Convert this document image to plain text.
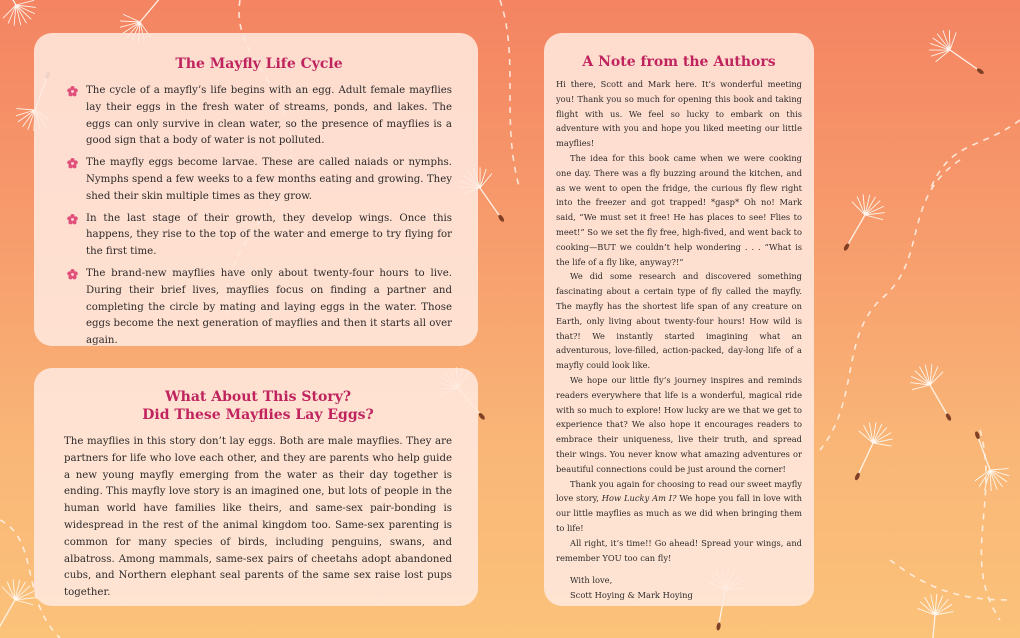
The Mayfly Life Cycle
The cycle of a mayfly’s life begins with an egg. Adult female mayflies lay their eggs in the fresh water of streams, ponds, and lakes. The eggs can only survive in clean water, so the presence of mayflies is a good sign that a body of water is not polluted.
The mayfly eggs become larvae. These are called naiads or nymphs. Nymphs spend a few weeks to a few months eating and growing. They shed their skin multiple times as they grow.
In the last stage of their growth, they develop wings. Once this happens, they rise to the top of the water and emerge to try flying for the first time.
The brand-new mayflies have only about twenty-four hours to live. During their brief lives, mayflies focus on finding a partner and completing the circle by mating and laying eggs in the water. Those eggs become the next generation of mayflies and then it starts all over again.
What About This Story?
Did These Mayflies Lay Eggs?

The mayflies in this story don’t lay eggs. Both are male mayflies. They are partners for life who love each other, and they are parents who help guide a new young mayfly emerging from the water as their day together is ending. This mayfly love story is an imagined one, but lots of people in the human world have families like theirs, and same-sex pair-bonding is widespread in the rest of the animal kingdom too. Same-sex parenting is common for many species of birds, including penguins, swans, and albatross. Among mammals, same-sex pairs of cheetahs adopt abandoned cubs, and Northern elephant seal parents of the same sex raise lost pups together.

A Note from the Authors

Hi there, Scott and Mark here. It’s wonderful meeting you! Thank you so much for opening this book and taking flight with us. We feel so lucky to embark on this adventure with you and hope you liked meeting our little mayflies!

The idea for this book came when we were cooking one day. There was a fly buzzing around the kitchen, and as we went to open the fridge, the curious fly flew right into the freezer and got trapped! *gasp* Oh no! Mark said, “We must set it free! He has places to see! Flies to meet!” So we set the fly free, high-fived, and went back to cooking—BUT we couldn’t help wondering . . . “What is the life of a fly like, anyway?!”

We did some research and discovered something fascinating about a certain type of fly called the mayfly. The mayfly has the shortest life span of any creature on Earth, only living about twenty-four hours! How wild is that?! We instantly started imagining what an adventurous, love-filled, action-packed, day-long life of a mayfly could look like.

We hope our little fly’s journey inspires and reminds readers everywhere that life is a wonderful, magical ride with so much to explore! How lucky are we that we get to experience that? We also hope it encourages readers to embrace their uniqueness, live their truth, and spread their wings. You never know what amazing adventures or beautiful connections could be just around the corner!

Thank you again for choosing to read our sweet mayfly love story, How Lucky Am I? We hope you fall in love with our little mayflies as much as we did when bringing them to life!

All right, it’s time!! Go ahead! Spread your wings, and remember YOU too can fly!

With love,
Scott Hoying & Mark Hoying
